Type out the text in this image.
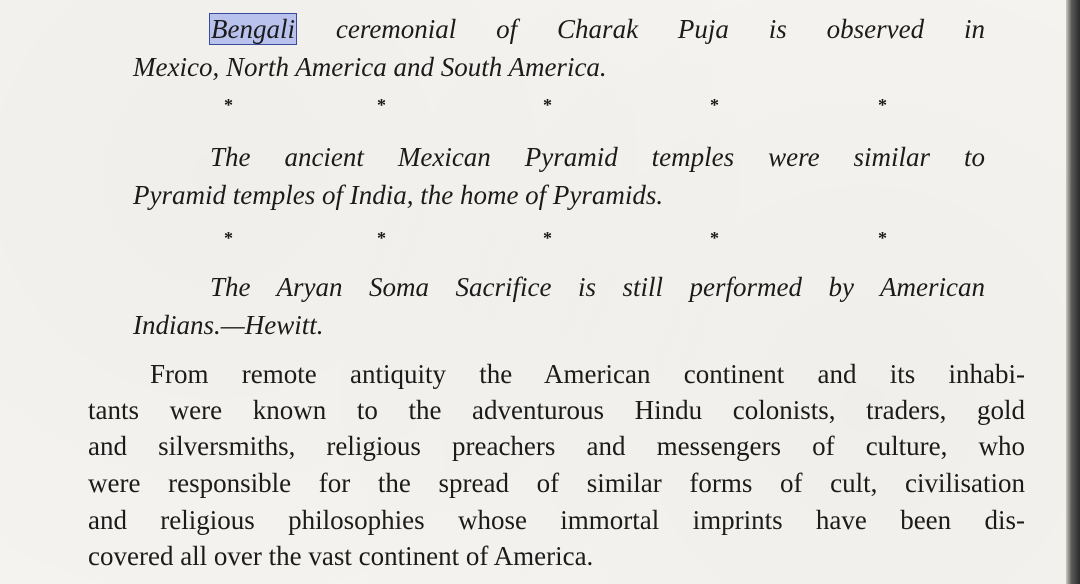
Bengali ceremonial of Charak Puja is observed in
Mexico, North America and South America.
*	*	*	*	*
The ancient Mexican Pyramid temples were similar to
Pyramid temples of India, the home of Pyramids.
*	*	*	*	*
The Aryan Soma Sacrifice is still performed by American
Indians.—Hewitt.
From remote antiquity the American continent and its inhabi-
tants were known to the adventurous Hindu colonists, traders, gold
and silversmiths, religious preachers and messengers of culture, who
were responsible for the spread of similar forms of cult, civilisation
and religious philosophies whose immortal imprints have been dis-
covered all over the vast continent of America.
